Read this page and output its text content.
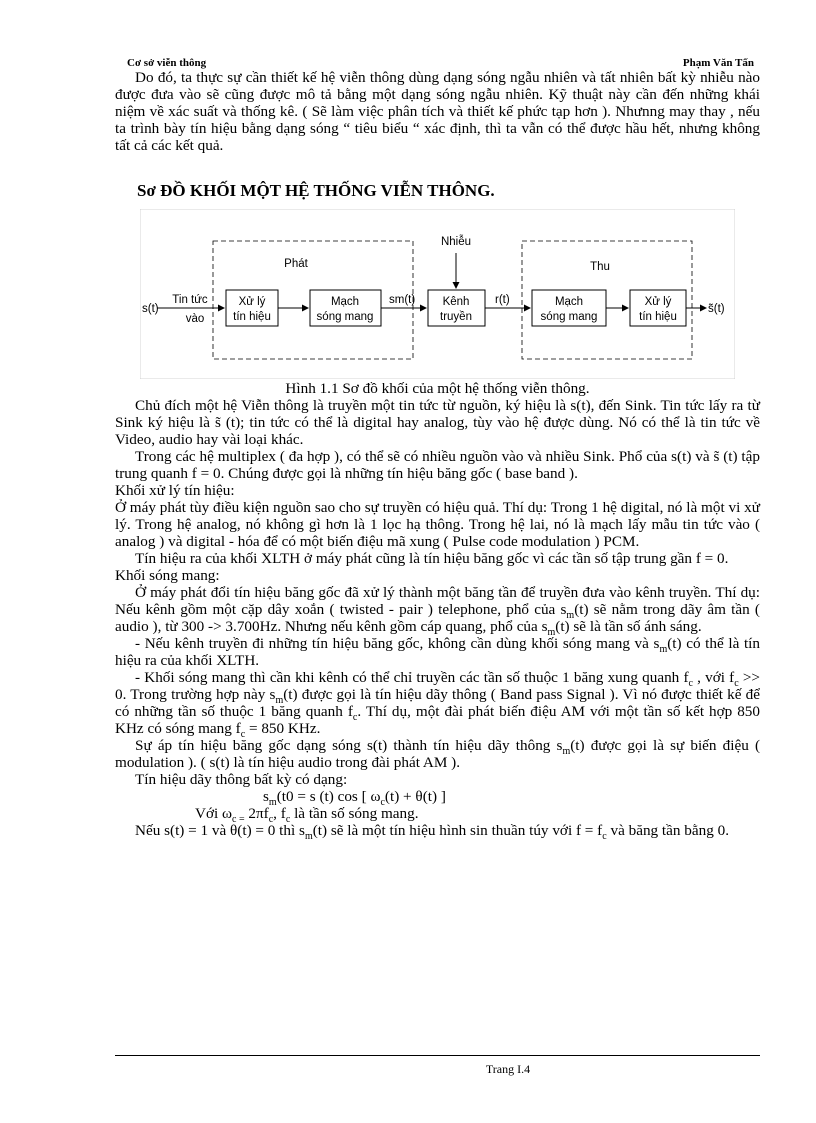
Cơ sở viễn thông	Phạm Văn Tấn

Do đó, ta thực sự cần thiết kế hệ viễn thông dùng dạng sóng ngẫu nhiên và tất nhiên bất kỳ nhiễu nào được đưa vào sẽ cũng được mô tả bằng một dạng sóng ngẫu nhiên. Kỹ thuật này cần đến những khái niệm về xác suất và thống kê. ( Sẽ làm việc phân tích và thiết kế phức tạp hơn ). Nhưnng may thay , nếu ta trình bày tín hiệu bằng dạng sóng “ tiêu biểu “ xác định, thì ta vẫn có thể được hầu hết, nhưng không tất cả các kết quả.

Sơ ĐỒ KHỐI MỘT HỆ THỐNG VIỄN THÔNG.

Nhiễu
Phát	Thu
s(t)
Tin tức
vào
Xử lý
tín hiệu
Mạch
sóng mang
sm(t) Kênh
truyền
r(t)	Mạch
sóng mang
Xử lý
tín hiệu
s̃(t)

Hình 1.1 Sơ đồ khối của một hệ thống viễn thông.

Chủ đích một hệ Viễn thông là truyền một tin tức từ nguồn, ký hiệu là s(t), đến Sink. Tin tức lấy ra từ Sink ký hiệu là s̃ (t); tin tức có thể là digital hay analog, tùy vào hệ được dùng. Nó có thể là tin tức về Video, audio hay vài loại khác.

Trong các hệ multiplex ( đa hợp ), có thể sẽ có nhiều nguồn vào và nhiều Sink. Phổ của s(t) và s̃ (t) tập trung quanh f = 0. Chúng được gọi là những tín hiệu băng gốc ( base band ).

Khối xử lý tín hiệu:

Ở máy phát tùy điều kiện nguồn sao cho sự truyền có hiệu quả. Thí dụ: Trong 1 hệ digital, nó là một vi xử lý. Trong hệ analog, nó không gì hơn là 1 lọc hạ thông. Trong hệ lai, nó là mạch lấy mẫu tin tức vào ( analog ) và digital - hóa để có một biến điệu mã xung ( Pulse code modulation ) PCM.

Tín hiệu ra của khối XLTH ở máy phát cũng là tín hiệu băng gốc vì các tần số tập trung gần f = 0.

Khối sóng mang:

Ở máy phát đổi tín hiệu băng gốc đã xử lý thành một băng tần để truyền đưa vào kênh truyền. Thí dụ: Nếu kênh gồm một cặp dây xoắn ( twisted - pair ) telephone, phổ của $s_m(t)$ sẽ nằm trong dãy âm tần ( audio ), từ 300 -> 3.700Hz. Nhưng nếu kênh gồm cáp quang, phổ của $s_m(t)$ sẽ là tần số ánh sáng.

- Nếu kênh truyền đi những tín hiệu băng gốc, không cần dùng khối sóng mang và $s_m(t)$ có thể là tín hiệu ra của khối XLTH.

- Khối sóng mang thì cần khi kênh có thể chỉ truyền các tần số thuộc 1 băng xung quanh $f_c$ , với $f_c >> 0$. Trong trường hợp này $s_m(t)$ được gọi là tín hiệu dãy thông ( Band pass Signal ). Vì nó được thiết kế để có những tần số thuộc 1 băng quanh $f_c$. Thí dụ, một đài phát biến điệu AM với một tần số kết hợp 850 KHz có sóng mang $f_c = 850$ KHz.

Sự áp tín hiệu băng gốc dạng sóng s(t) thành tín hiệu dãy thông $s_m(t)$ được gọi là sự biến điệu ( modulation ). ( s(t) là tín hiệu audio trong đài phát AM ).

Tín hiệu dãy thông bất kỳ có dạng:

$s_m(t0 = s$ (t) cos [ $\omega_c(t) + \theta(t)$ ]

Với $\omega_{c =}$ $2\pi f_c$, $f_c$ là tần số sóng mang.

Nếu s(t) = 1 và θ(t) = 0 thì $s_m(t)$ sẽ là một tín hiệu hình sin thuần túy với $f = f_c$ và băng tần bằng 0.

Trang I.4
